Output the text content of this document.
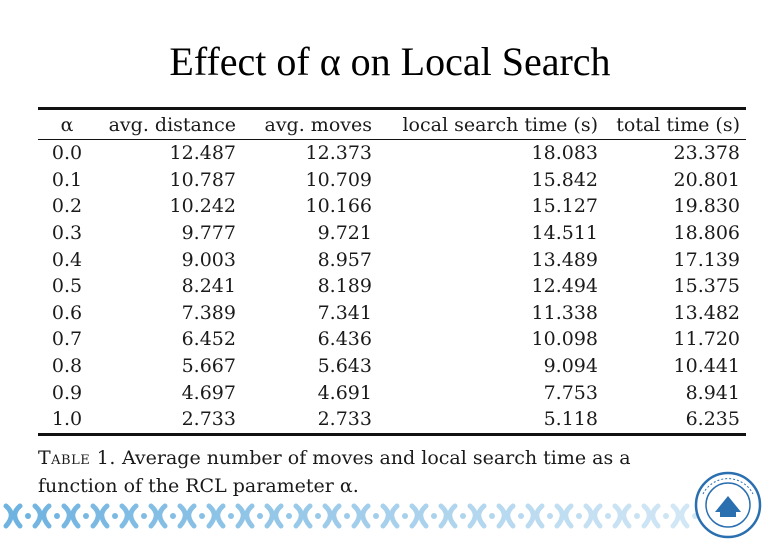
Effect of α on Local Search
α	avg. distance	avg. moves	local search time (s)	total time (s)
0.0	12.487	12.373	18.083	23.378
0.1	10.787	10.709	15.842	20.801
0.2	10.242	10.166	15.127	19.830
0.3	9.777	9.721	14.511	18.806
0.4	9.003	8.957	13.489	17.139
0.5	8.241	8.189	12.494	15.375
0.6	7.389	7.341	11.338	13.482
0.7	6.452	6.436	10.098	11.720
0.8	5.667	5.643	9.094	10.441
0.9	4.697	4.691	7.753	8.941
1.0	2.733	2.733	5.118	6.235
Table 1. Average number of moves and local search time as a function of the RCL parameter α.
